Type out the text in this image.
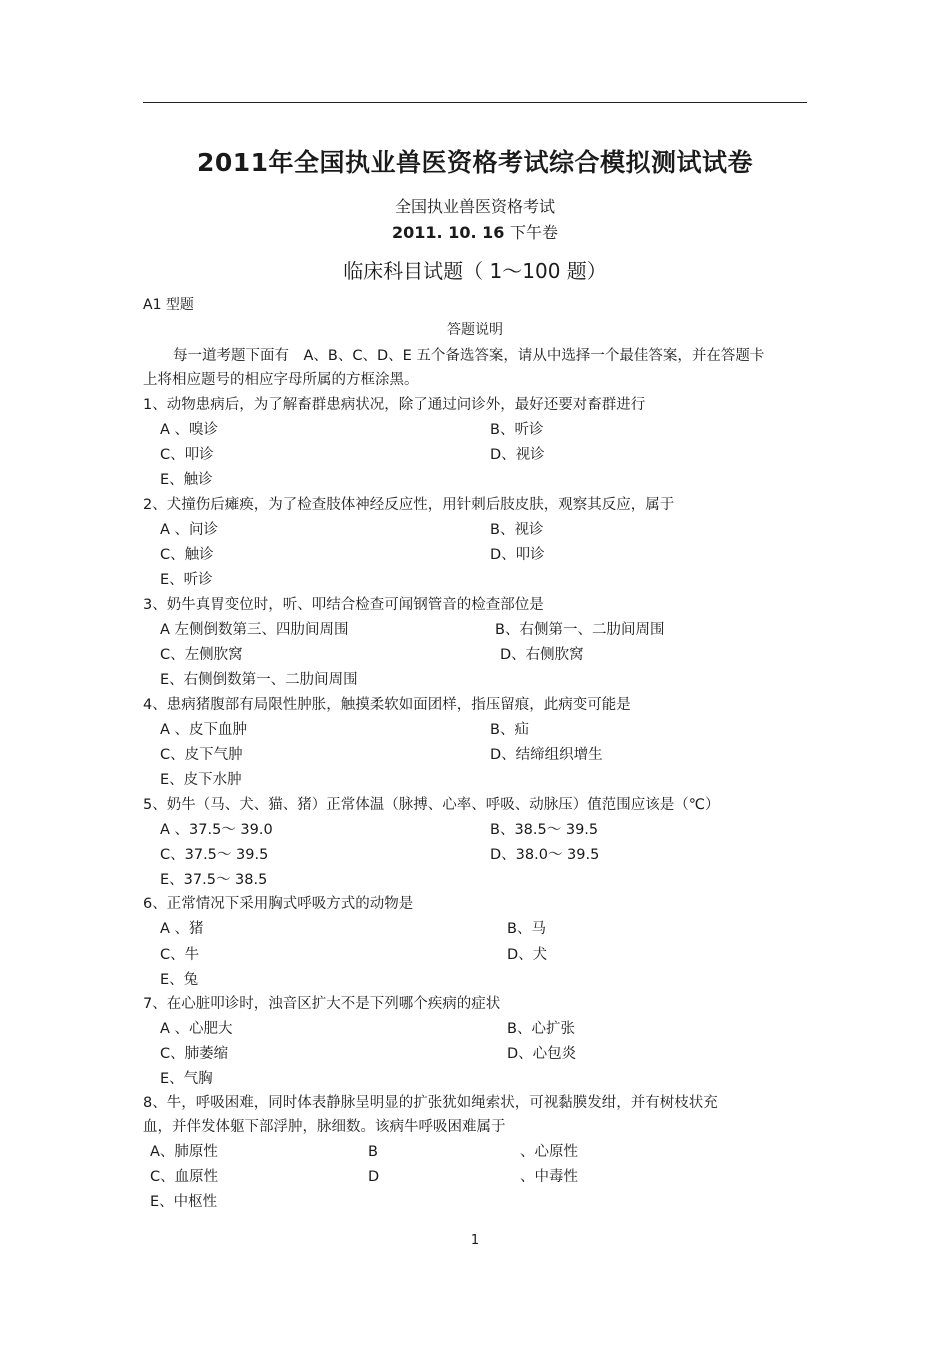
2011年全国执业兽医资格考试综合模拟测试试卷
全国执业兽医资格考试
2011. 10. 16 下午卷
临床科目试题（ 1～100 题）
A1 型题
答题说明
每一道考题下面有　A、B、C、D、E 五个备选答案，请从中选择一个最佳答案，并在答题卡上将相应题号的相应字母所属的方框涂黑。
1、动物患病后，为了解畜群患病状况，除了通过问诊外，最好还要对畜群进行
A 、嗅诊	B、听诊
C、叩诊	D、视诊
E、触诊
2、犬撞伤后瘫痪，为了检查肢体神经反应性，用针刺后肢皮肤，观察其反应，属于
A 、问诊	B、视诊
C、触诊	D、叩诊
E、听诊
3、奶牛真胃变位时，听、叩结合检查可闻钢管音的检查部位是
A 左侧倒数第三、四肋间周围	B、右侧第一、二肋间周围
C、左侧肷窝	D、右侧肷窝
E、右侧倒数第一、二肋间周围
4、患病猪腹部有局限性肿胀，触摸柔软如面团样，指压留痕，此病变可能是
A 、皮下血肿	B、疝
C、皮下气肿	D、结缔组织增生
E、皮下水肿
5、奶牛（马、犬、猫、猪）正常体温（脉搏、心率、呼吸、动脉压）值范围应该是（℃）
A 、37.5～ 39.0	B、38.5～ 39.5
C、37.5～ 39.5	D、38.0～ 39.5
E、37.5～ 38.5
6、正常情况下采用胸式呼吸方式的动物是
A 、猪	B、马
C、牛	D、犬
E、兔
7、在心脏叩诊时，浊音区扩大不是下列哪个疾病的症状
A 、心肥大	B、心扩张
C、肺萎缩	D、心包炎
E、气胸
8、牛，呼吸困难，同时体表静脉呈明显的扩张犹如绳索状，可视黏膜发绀，并有树枝状充血，并伴发体躯下部浮肿，脉细数。该病牛呼吸困难属于
A、肺原性	B	、心原性
C、血原性	D	、中毒性
E、中枢性
1
